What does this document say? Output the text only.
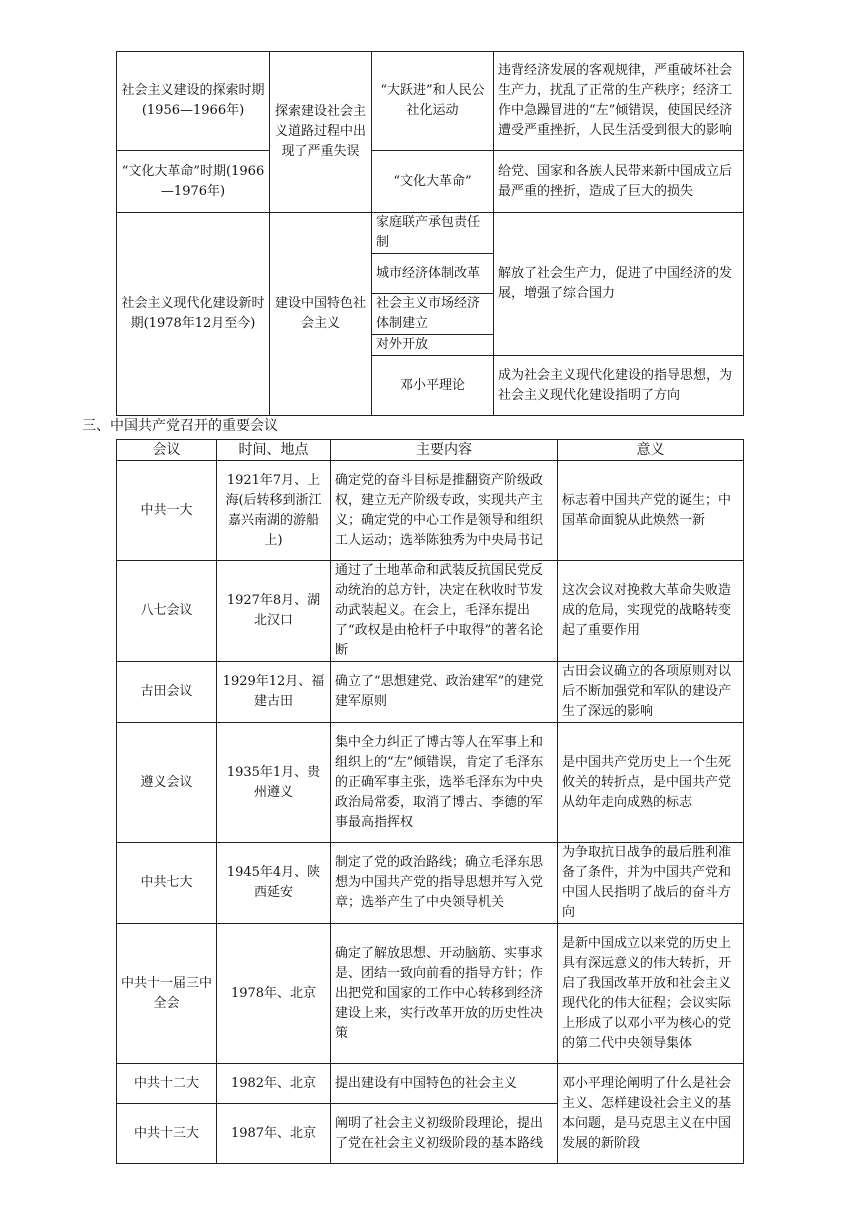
社会主义建设的探索时期(1956—1966年)	探索建设社会主义道路过程中出现了严重失误	“大跃进”和人民公社化运动	违背经济发展的客观规律，严重破坏社会生产力，扰乱了正常的生产秩序；经济工作中急躁冒进的“左”倾错误，使国民经济遭受严重挫折，人民生活受到很大的影响
“文化大革命”时期(1966—1976年)		“文化大革命”	给党、国家和各族人民带来新中国成立后最严重的挫折，造成了巨大的损失
社会主义现代化建设新时期(1978年12月至今)	建设中国特色社会主义	家庭联产承包责任制	解放了社会生产力，促进了中国经济的发展，增强了综合国力
		城市经济体制改革	
		社会主义市场经济体制建立	
		对外开放	
		邓小平理论	成为社会主义现代化建设的指导思想，为社会主义现代化建设指明了方向
三、中国共产党召开的重要会议
会议	时间、地点	主要内容	意义
中共一大	1921年7月、上海(后转移到浙江嘉兴南湖的游船上)	确定党的奋斗目标是推翻资产阶级政权，建立无产阶级专政，实现共产主义；确定党的中心工作是领导和组织工人运动；选举陈独秀为中央局书记	标志着中国共产党的诞生；中国革命面貌从此焕然一新
八七会议	1927年8月、湖北汉口	通过了土地革命和武装反抗国民党反动统治的总方针，决定在秋收时节发动武装起义。在会上，毛泽东提出了“政权是由枪杆子中取得”的著名论断	这次会议对挽救大革命失败造成的危局，实现党的战略转变起了重要作用
古田会议	1929年12月、福建古田	确立了“思想建党、政治建军”的建党建军原则	古田会议确立的各项原则对以后不断加强党和军队的建设产生了深远的影响
遵义会议	1935年1月、贵州遵义	集中全力纠正了博古等人在军事上和组织上的“左”倾错误，肯定了毛泽东的正确军事主张，选举毛泽东为中央政治局常委，取消了博古、李德的军事最高指挥权	是中国共产党历史上一个生死攸关的转折点，是中国共产党从幼年走向成熟的标志
中共七大	1945年4月、陕西延安	制定了党的政治路线；确立毛泽东思想为中国共产党的指导思想并写入党章；选举产生了中央领导机关	为争取抗日战争的最后胜利准备了条件，并为中国共产党和中国人民指明了战后的奋斗方向
中共十一届三中全会	1978年、北京	确定了解放思想、开动脑筋、实事求是、团结一致向前看的指导方针；作出把党和国家的工作中心转移到经济建设上来，实行改革开放的历史性决策	是新中国成立以来党的历史上具有深远意义的伟大转折，开启了我国改革开放和社会主义现代化的伟大征程；会议实际上形成了以邓小平为核心的党的第二代中央领导集体
中共十二大	1982年、北京	提出建设有中国特色的社会主义	邓小平理论阐明了什么是社会主义、怎样建设社会主义的基本问题，是马克思主义在中国发展的新阶段
中共十三大	1987年、北京	阐明了社会主义初级阶段理论，提出了党在社会主义初级阶段的基本路线	
